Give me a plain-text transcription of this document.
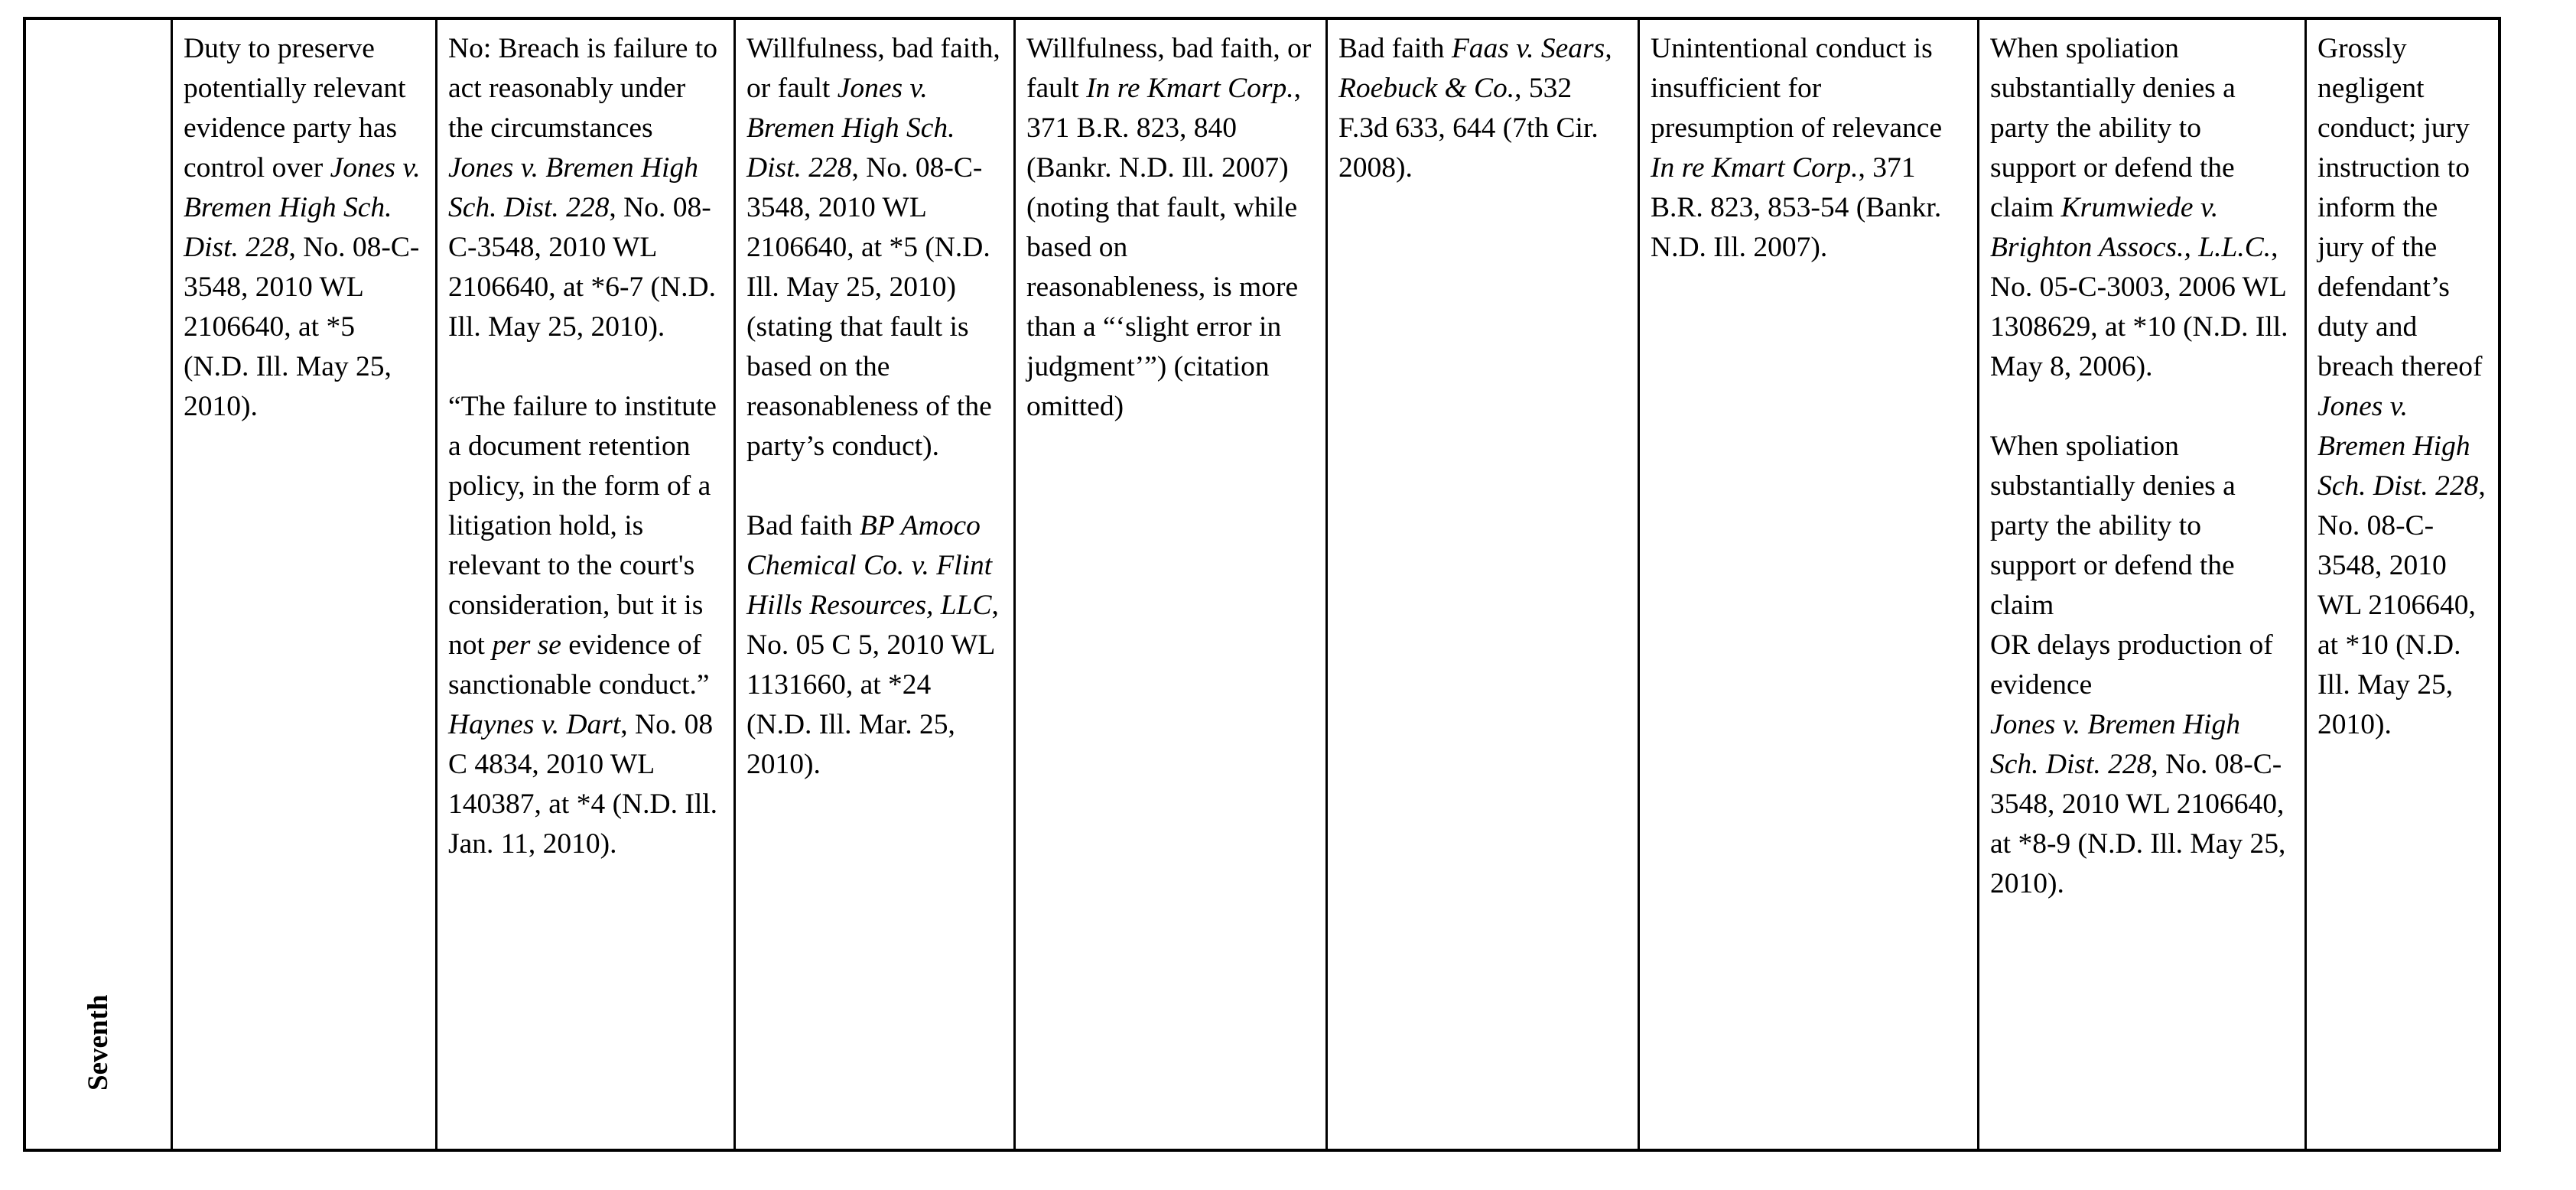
Seventh
Duty to preserve potentially relevant evidence party has control over Jones v. Bremen High Sch. Dist. 228, No. 08-C-3548, 2010 WL 2106640, at *5 (N.D. Ill. May 25, 2010).
No: Breach is failure to act reasonably under the circumstances Jones v. Bremen High Sch. Dist. 228, No. 08-C-3548, 2010 WL 2106640, at *6-7 (N.D. Ill. May 25, 2010).
“The failure to institute a document retention policy, in the form of a litigation hold, is relevant to the court's consideration, but it is not per se evidence of sanctionable conduct.” Haynes v. Dart, No. 08 C 4834, 2010 WL 140387, at *4 (N.D. Ill. Jan. 11, 2010).
Willfulness, bad faith, or fault Jones v. Bremen High Sch. Dist. 228, No. 08-C-3548, 2010 WL 2106640, at *5 (N.D. Ill. May 25, 2010) (stating that fault is based on the reasonableness of the party’s conduct).
Bad faith BP Amoco Chemical Co. v. Flint Hills Resources, LLC, No. 05 C 5, 2010 WL 1131660, at *24 (N.D. Ill. Mar. 25, 2010).
Willfulness, bad faith, or fault In re Kmart Corp., 371 B.R. 823, 840 (Bankr. N.D. Ill. 2007) (noting that fault, while based on reasonableness, is more than a “‘slight error in judgment’”) (citation omitted)
Bad faith Faas v. Sears, Roebuck & Co., 532 F.3d 633, 644 (7th Cir. 2008).
Unintentional conduct is insufficient for presumption of relevance In re Kmart Corp., 371 B.R. 823, 853-54 (Bankr. N.D. Ill. 2007).
When spoliation substantially denies a party the ability to support or defend the claim Krumwiede v. Brighton Assocs., L.L.C., No. 05-C-3003, 2006 WL 1308629, at *10 (N.D. Ill. May 8, 2006).
When spoliation substantially denies a party the ability to support or defend the claim
OR delays production of evidence
Jones v. Bremen High Sch. Dist. 228, No. 08-C-3548, 2010 WL 2106640, at *8-9 (N.D. Ill. May 25, 2010).
Grossly negligent conduct; jury instruction to inform the jury of the defendant’s duty and breach thereof Jones v. Bremen High Sch. Dist. 228, No. 08-C-3548, 2010 WL 2106640, at *10 (N.D. Ill. May 25, 2010).
